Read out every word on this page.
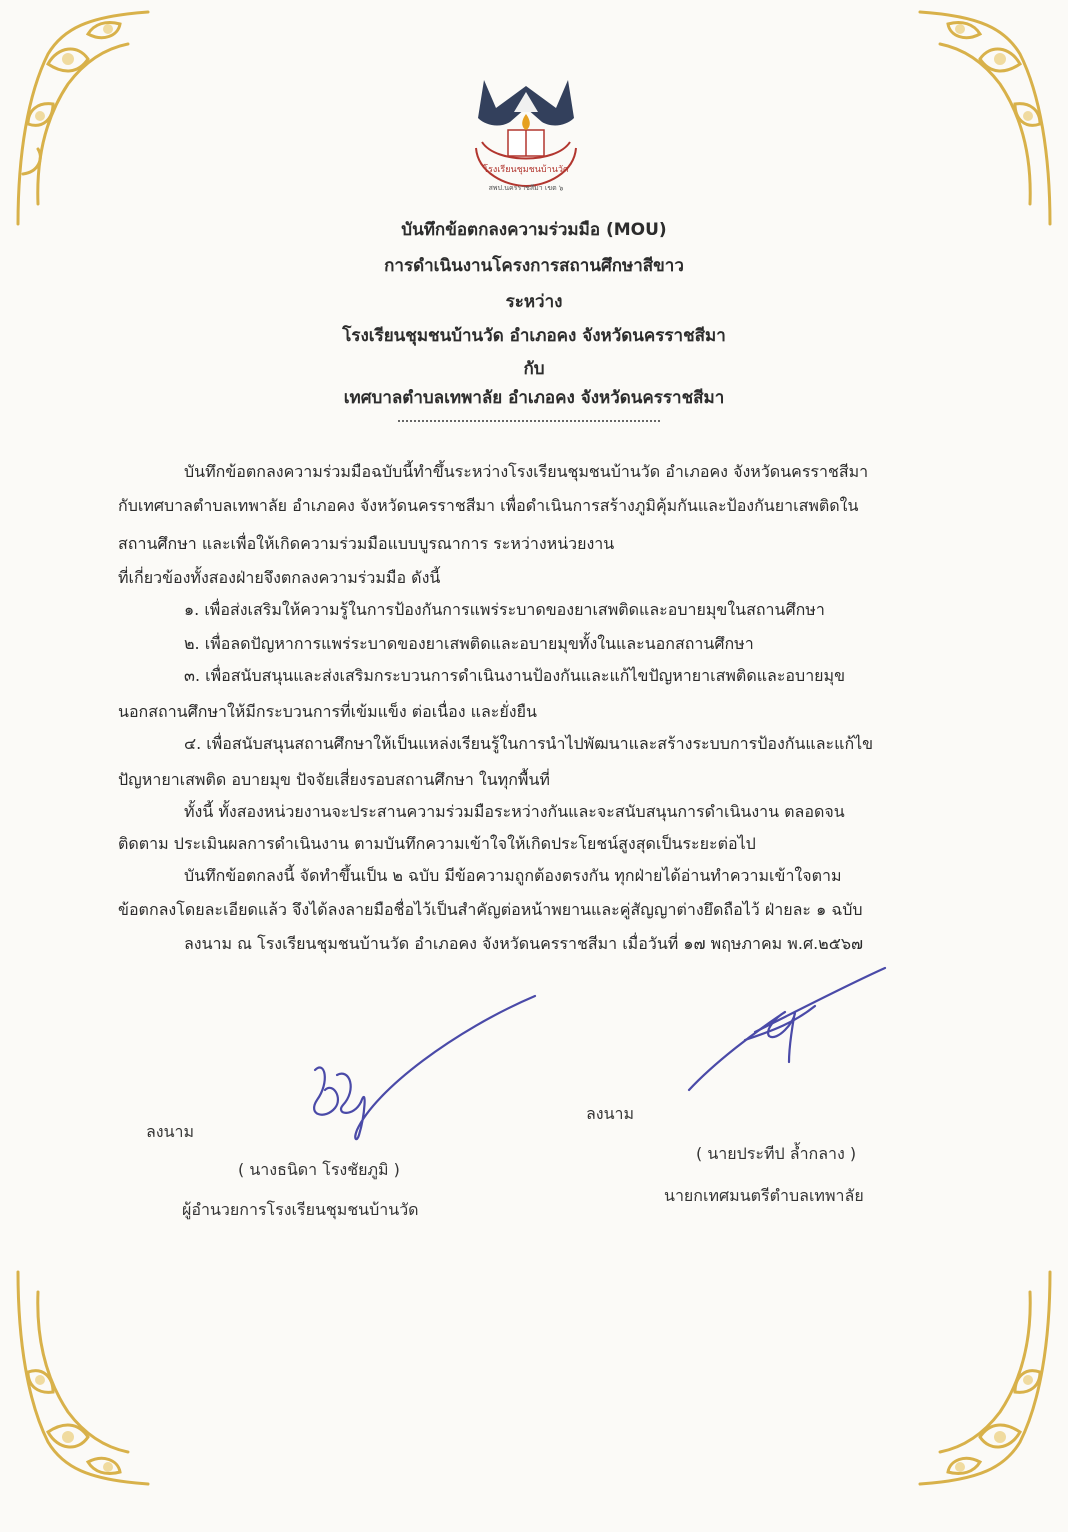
โรงเรียนชุมชนบ้านวัด
สพป.นครราชสีมา เขต ๖
บันทึกข้อตกลงความร่วมมือ (MOU)
การดำเนินงานโครงการสถานศึกษาสีขาว
ระหว่าง
โรงเรียนชุมชนบ้านวัด อำเภอคง จังหวัดนครราชสีมา
กับ
เทศบาลตำบลเทพาลัย อำเภอคง จังหวัดนครราชสีมา
บันทึกข้อตกลงความร่วมมือฉบับนี้ทำขึ้นระหว่างโรงเรียนชุมชนบ้านวัด อำเภอคง จังหวัดนครราชสีมา
กับเทศบาลตำบลเทพาลัย อำเภอคง จังหวัดนครราชสีมา เพื่อดำเนินการสร้างภูมิคุ้มกันและป้องกันยาเสพติดใน
สถานศึกษา และเพื่อให้เกิดความร่วมมือแบบบูรณาการ ระหว่างหน่วยงาน
ที่เกี่ยวข้องทั้งสองฝ่ายจึงตกลงความร่วมมือ ดังนี้
๑. เพื่อส่งเสริมให้ความรู้ในการป้องกันการแพร่ระบาดของยาเสพติดและอบายมุขในสถานศึกษา
๒. เพื่อลดปัญหาการแพร่ระบาดของยาเสพติดและอบายมุขทั้งในและนอกสถานศึกษา
๓. เพื่อสนับสนุนและส่งเสริมกระบวนการดำเนินงานป้องกันและแก้ไขปัญหายาเสพติดและอบายมุข
นอกสถานศึกษาให้มีกระบวนการที่เข้มแข็ง ต่อเนื่อง และยั่งยืน
๔. เพื่อสนับสนุนสถานศึกษาให้เป็นแหล่งเรียนรู้ในการนำไปพัฒนาและสร้างระบบการป้องกันและแก้ไข
ปัญหายาเสพติด อบายมุข ปัจจัยเสี่ยงรอบสถานศึกษา ในทุกพื้นที่
ทั้งนี้ ทั้งสองหน่วยงานจะประสานความร่วมมือระหว่างกันและจะสนับสนุนการดำเนินงาน ตลอดจน
ติดตาม ประเมินผลการดำเนินงาน ตามบันทึกความเข้าใจให้เกิดประโยชน์สูงสุดเป็นระยะต่อไป
บันทึกข้อตกลงนี้ จัดทำขึ้นเป็น ๒ ฉบับ มีข้อความถูกต้องตรงกัน ทุกฝ่ายได้อ่านทำความเข้าใจตาม
ข้อตกลงโดยละเอียดแล้ว จึงได้ลงลายมือชื่อไว้เป็นสำคัญต่อหน้าพยานและคู่สัญญาต่างยึดถือไว้ ฝ่ายละ ๑ ฉบับ
ลงนาม ณ โรงเรียนชุมชนบ้านวัด อำเภอคง จังหวัดนครราชสีมา เมื่อวันที่ ๑๗ พฤษภาคม พ.ศ.๒๕๖๗
ลงนาม
( นางธนิดา โรงชัยภูมิ )
ผู้อำนวยการโรงเรียนชุมชนบ้านวัด
ลงนาม
( นายประทีป ล้ำกลาง )
นายกเทศมนตรีตำบลเทพาลัย
